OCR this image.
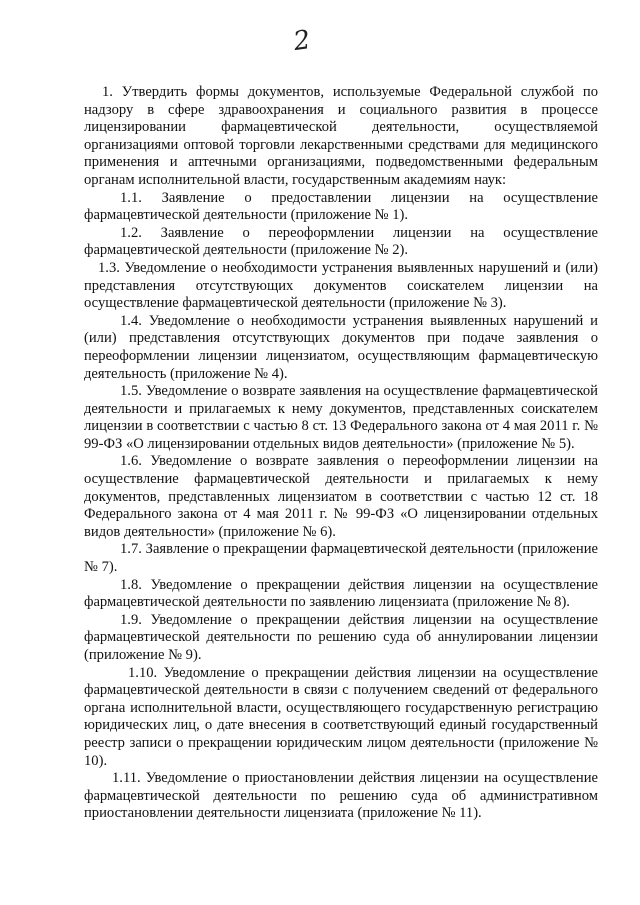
2

1. Утвердить формы документов, используемые Федеральной службой по надзору в сфере здравоохранения и социального развития в процессе лицензировании фармацевтической деятельности, осуществляемой организациями оптовой торговли лекарственными средствами для медицинского применения и аптечными организациями, подведомственными федеральным органам исполнительной власти, государственным академиям наук:

1.1. Заявление о предоставлении лицензии на осуществление фармацевтической деятельности (приложение № 1).

1.2. Заявление о переоформлении лицензии на осуществление фармацевтической деятельности (приложение № 2).

1.3. Уведомление о необходимости устранения выявленных нарушений и (или) представления отсутствующих документов соискателем лицензии на осуществление фармацевтической деятельности (приложение № 3).

1.4. Уведомление о необходимости устранения выявленных нарушений и (или) представления отсутствующих документов при подаче заявления о переоформлении лицензии лицензиатом, осуществляющим фармацевтическую деятельность (приложение № 4).

1.5. Уведомление о возврате заявления на осуществление фармацевтической деятельности и прилагаемых к нему документов, представленных соискателем лицензии в соответствии с частью 8 ст. 13 Федерального закона от 4 мая 2011 г. № 99-ФЗ «О лицензировании отдельных видов деятельности» (приложение № 5).

1.6. Уведомление о возврате заявления о переоформлении лицензии на осуществление фармацевтической деятельности и прилагаемых к нему документов, представленных лицензиатом в соответствии с частью 12 ст. 18 Федерального закона от 4 мая 2011 г. № 99-ФЗ «О лицензировании отдельных видов деятельности» (приложение № 6).

1.7. Заявление о прекращении фармацевтической деятельности (приложение № 7).

1.8. Уведомление о прекращении действия лицензии на осуществление фармацевтической деятельности по заявлению лицензиата (приложение № 8).

1.9. Уведомление о прекращении действия лицензии на осуществление фармацевтической деятельности по решению суда об аннулировании лицензии (приложение № 9).

1.10. Уведомление о прекращении действия лицензии на осуществление фармацевтической деятельности в связи с получением сведений от федерального органа исполнительной власти, осуществляющего государственную регистрацию юридических лиц, о дате внесения в соответствующий единый государственный реестр записи о прекращении юридическим лицом деятельности (приложение № 10).

1.11. Уведомление о приостановлении действия лицензии на осуществление фармацевтической деятельности по решению суда об административном приостановлении деятельности лицензиата (приложение № 11).
